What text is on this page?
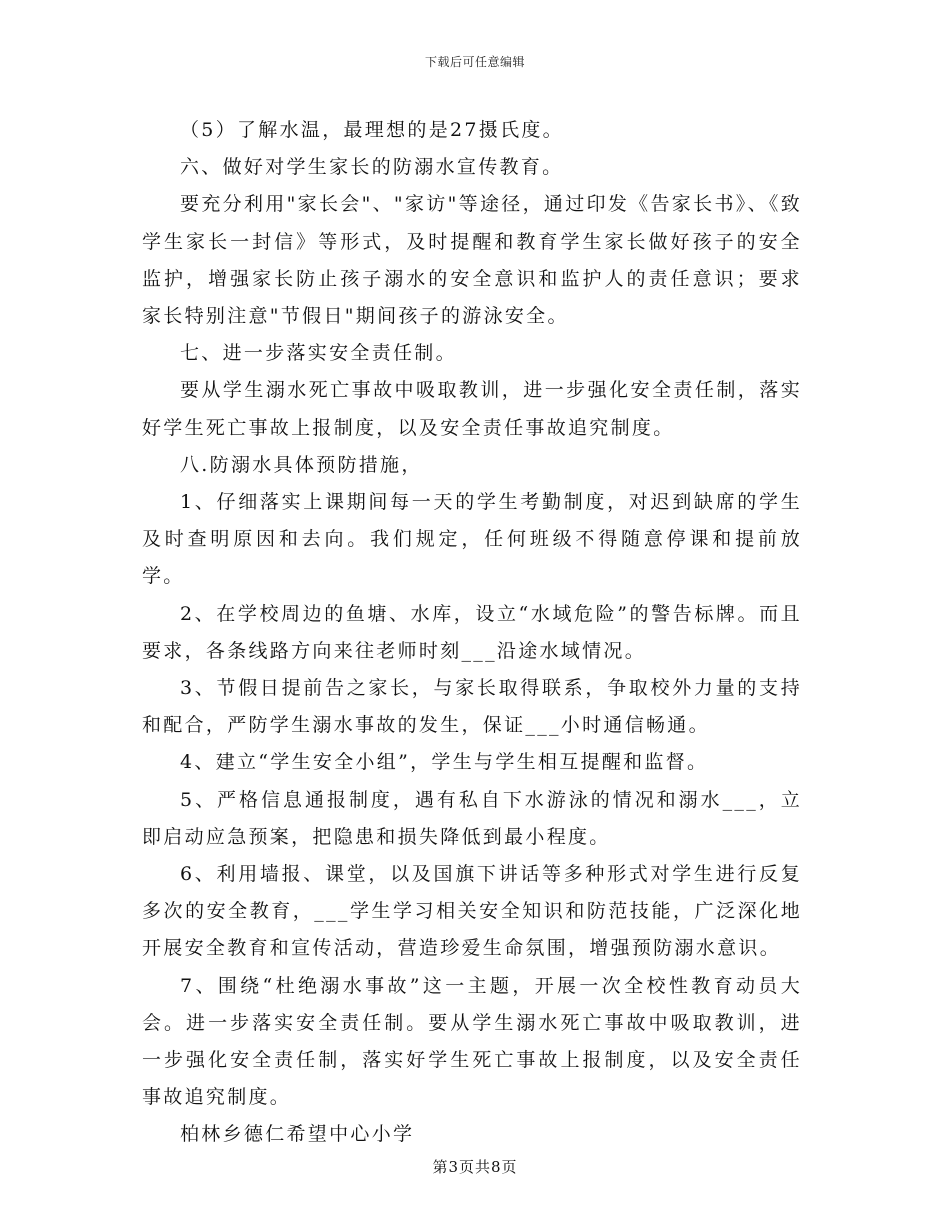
下载后可任意编辑

（5）了解水温，最理想的是27摄氏度。

六、做好对学生家长的防溺水宣传教育。

要充分利用"家长会"、"家访"等途径，通过印发《告家长书》、《致学生家长一封信》等形式，及时提醒和教育学生家长做好孩子的安全监护，增强家长防止孩子溺水的安全意识和监护人的责任意识；要求家长特别注意"节假日"期间孩子的游泳安全。

七、进一步落实安全责任制。

要从学生溺水死亡事故中吸取教训，进一步强化安全责任制，落实好学生死亡事故上报制度，以及安全责任事故追究制度。

八.防溺水具体预防措施，

1、仔细落实上课期间每一天的学生考勤制度，对迟到缺席的学生及时查明原因和去向。我们规定，任何班级不得随意停课和提前放学。

2、在学校周边的鱼塘、水库，设立“水域危险”的警告标牌。而且要求，各条线路方向来往老师时刻___沿途水域情况。

3、节假日提前告之家长，与家长取得联系，争取校外力量的支持和配合，严防学生溺水事故的发生，保证___小时通信畅通。

4、建立“学生安全小组”，学生与学生相互提醒和监督。

5、严格信息通报制度，遇有私自下水游泳的情况和溺水___，立即启动应急预案，把隐患和损失降低到最小程度。

6、利用墙报、课堂，以及国旗下讲话等多种形式对学生进行反复多次的安全教育，___学生学习相关安全知识和防范技能，广泛深化地开展安全教育和宣传活动，营造珍爱生命氛围，增强预防溺水意识。

7、围绕“杜绝溺水事故”这一主题，开展一次全校性教育动员大会。进一步落实安全责任制。要从学生溺水死亡事故中吸取教训，进一步强化安全责任制，落实好学生死亡事故上报制度，以及安全责任事故追究制度。

柏林乡德仁希望中心小学

第3页共8页
